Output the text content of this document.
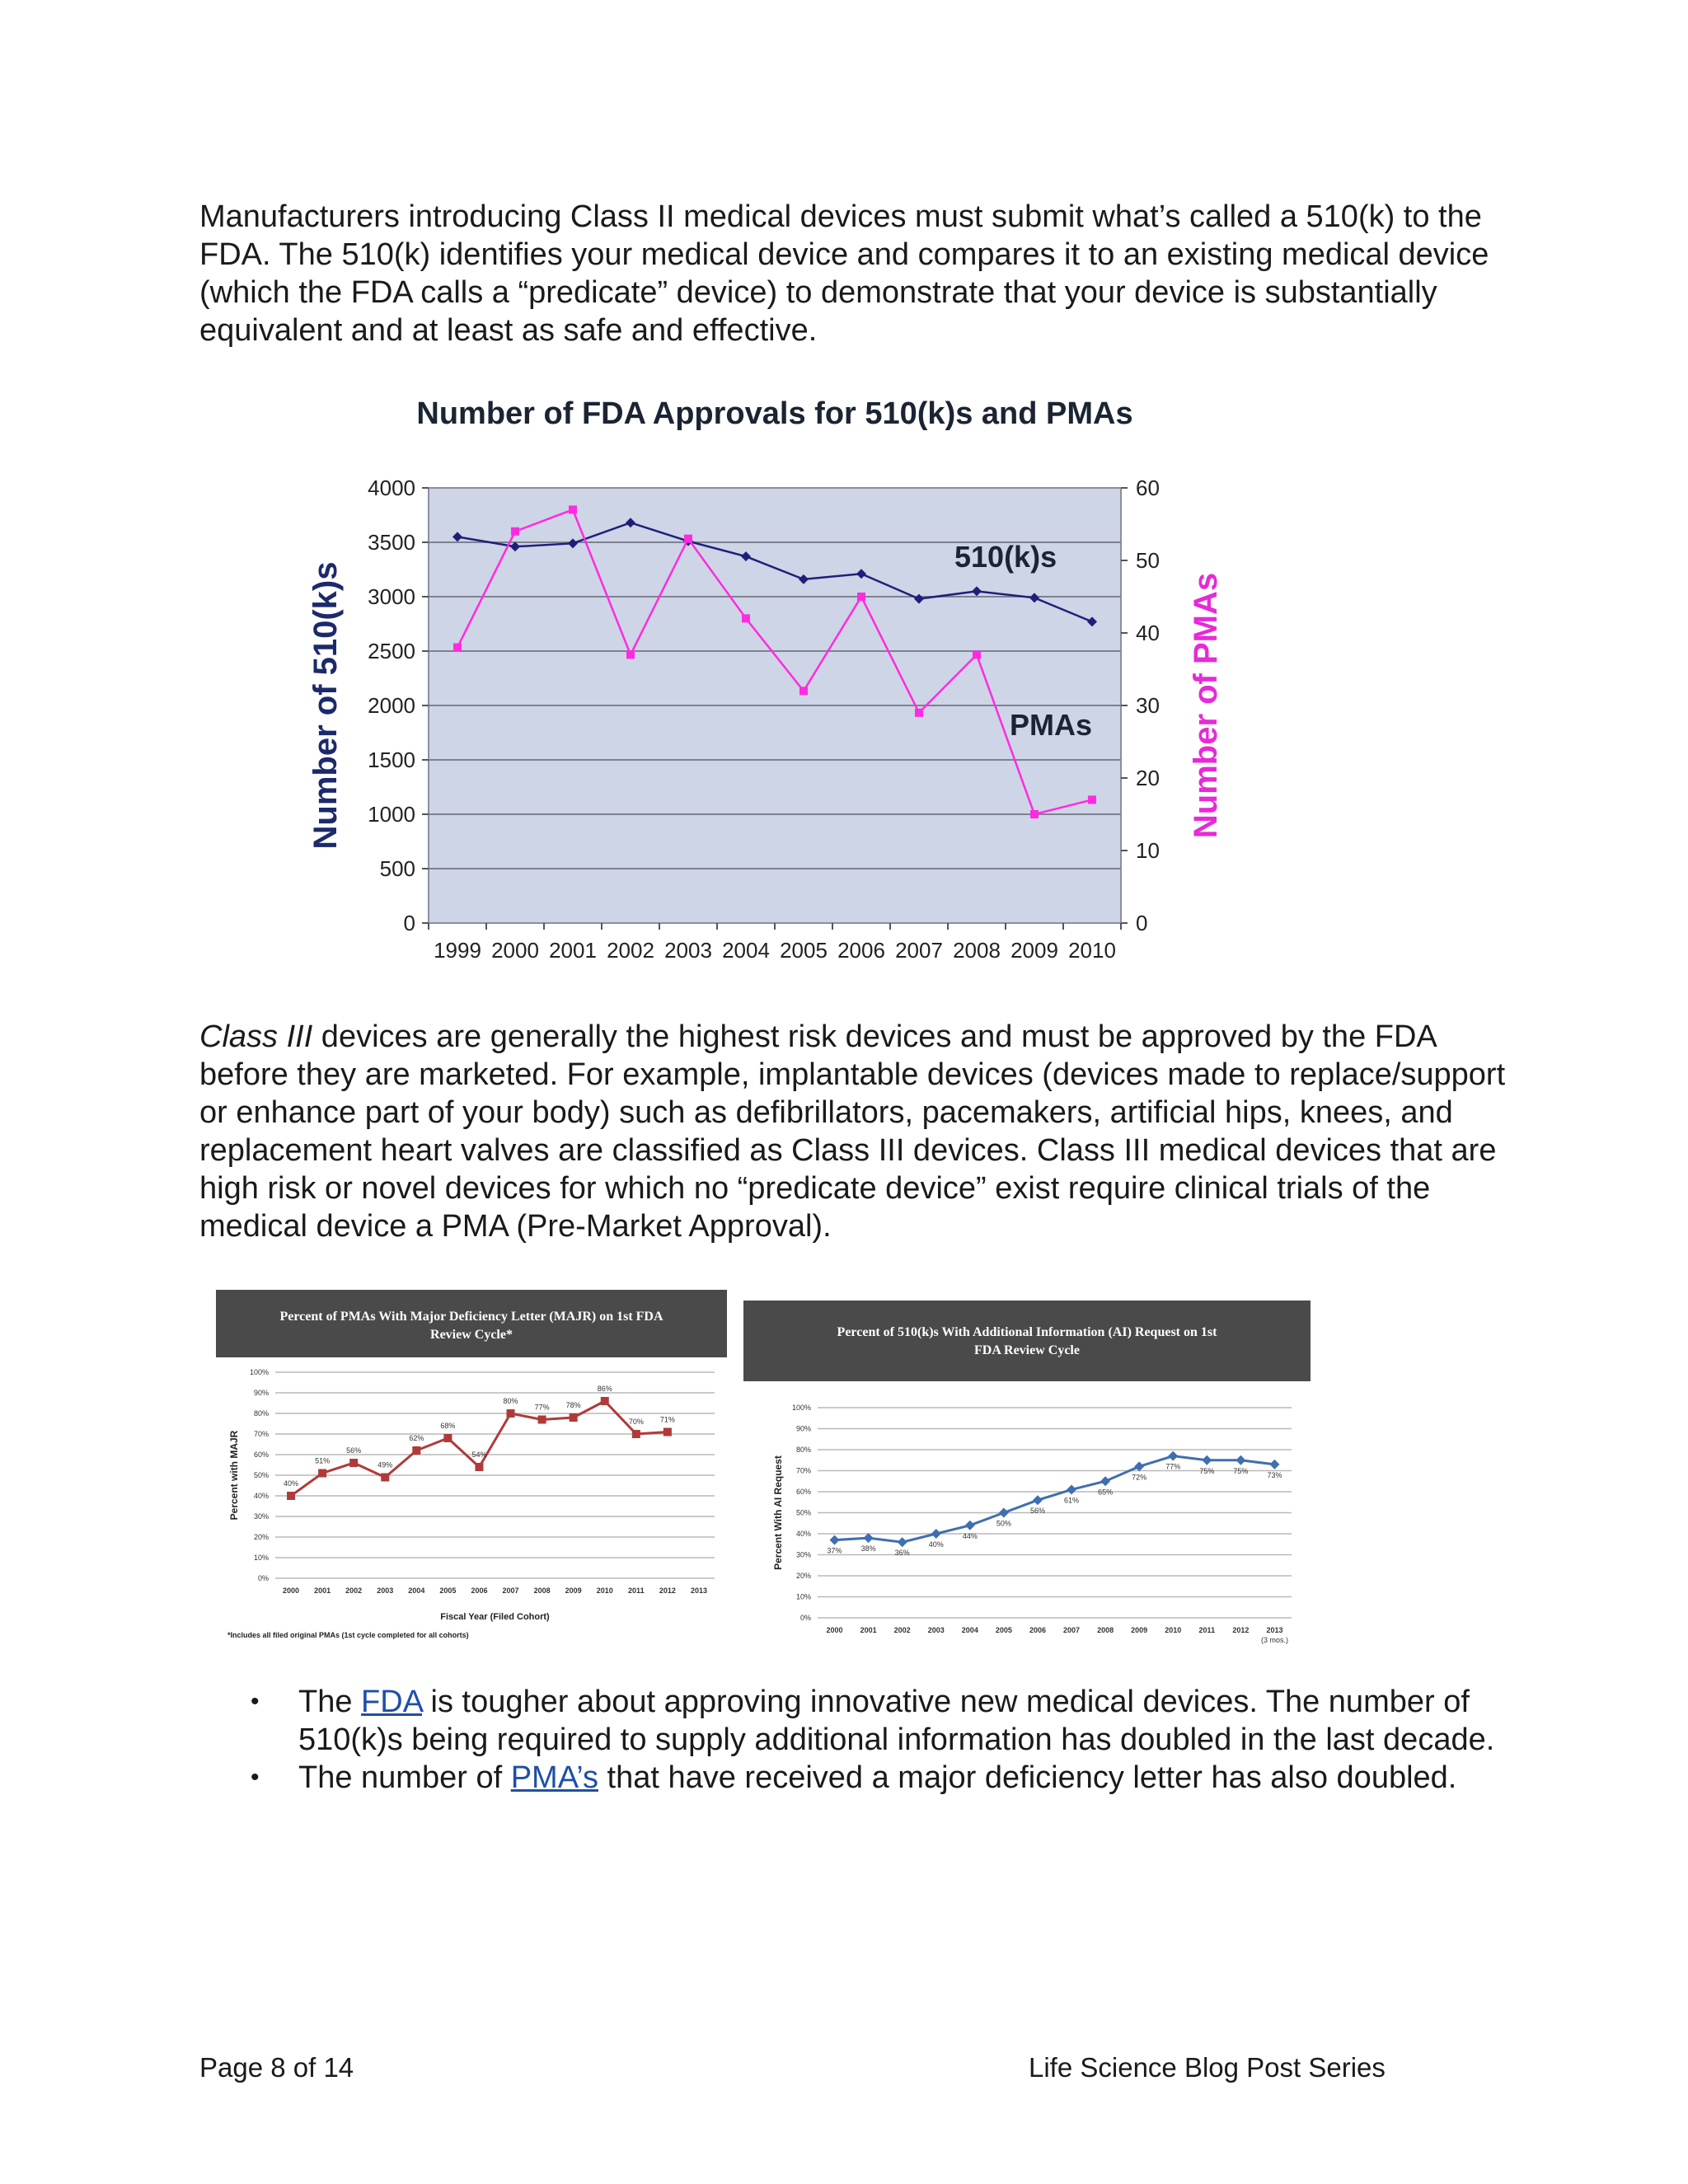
Manufacturers introducing Class II medical devices must submit what’s called a 510(k) to the FDA. The 510(k) identifies your medical device and compares it to an existing medical device (which the FDA calls a “predicate” device) to demonstrate that your device is substantially equivalent and at least as safe and effective.

Number of FDA Approvals for 510(k)s and PMAs
0
500
1000
1500
2000
2500
3000
3500
4000
0
10
20
30
40
50
60
1999 2000 2001 2002 2003 2004 2005 2006 2007 2008 2009 2010
Number of 510(k)s	Number of PMAs
510(k)s
PMAs

Class III devices are generally the highest risk devices and must be approved by the FDA before they are marketed. For example, implantable devices (devices made to replace/support or enhance part of your body) such as defibrillators, pacemakers, artificial hips, knees, and replacement heart valves are classified as Class III devices. Class III medical devices that are high risk or novel devices for which no “predicate device” exist require clinical trials of the medical device a PMA (Pre-Market Approval).

Percent of PMAs With Major Deficiency Letter (MAJR) on 1st FDA Review Cycle*
0%
10%
20%
30%
40%
50%
60%
70%
80%
90%
100%
2000 2001 2002 2003 2004 2005 2006 2007 2008 2009 2010 2011 2012 2013
Percent with MAJR
Fiscal Year (Filed Cohort)
*Includes all filed original PMAs (1st cycle completed for all cohorts)
40%
51%
56%
49%
62%
68%
54%
80%
77% 78%
86%
70% 71%
Percent of 510(k)s With Additional Information (AI) Request on 1st FDA Review Cycle
0%
10%
20%
30%
40%
50%
60%
70%
80%
90%
100%
2000 2001 2002 2003 2004 2005 2006 2007 2008 2009 2010 2011 2012 2013
(3 mos.)
Percent With AI Request	37%	38%
36%
40%
44%
50%
56%
61%
65%
72%
77%
75%	75%
73%
• The FDA is tougher about approving innovative new medical devices. The number of 510(k)s being required to supply additional information has doubled in the last decade.
• The number of PMA’s that have received a major deficiency letter has also doubled.
Page 8 of 14	Life Science Blog Post Series
